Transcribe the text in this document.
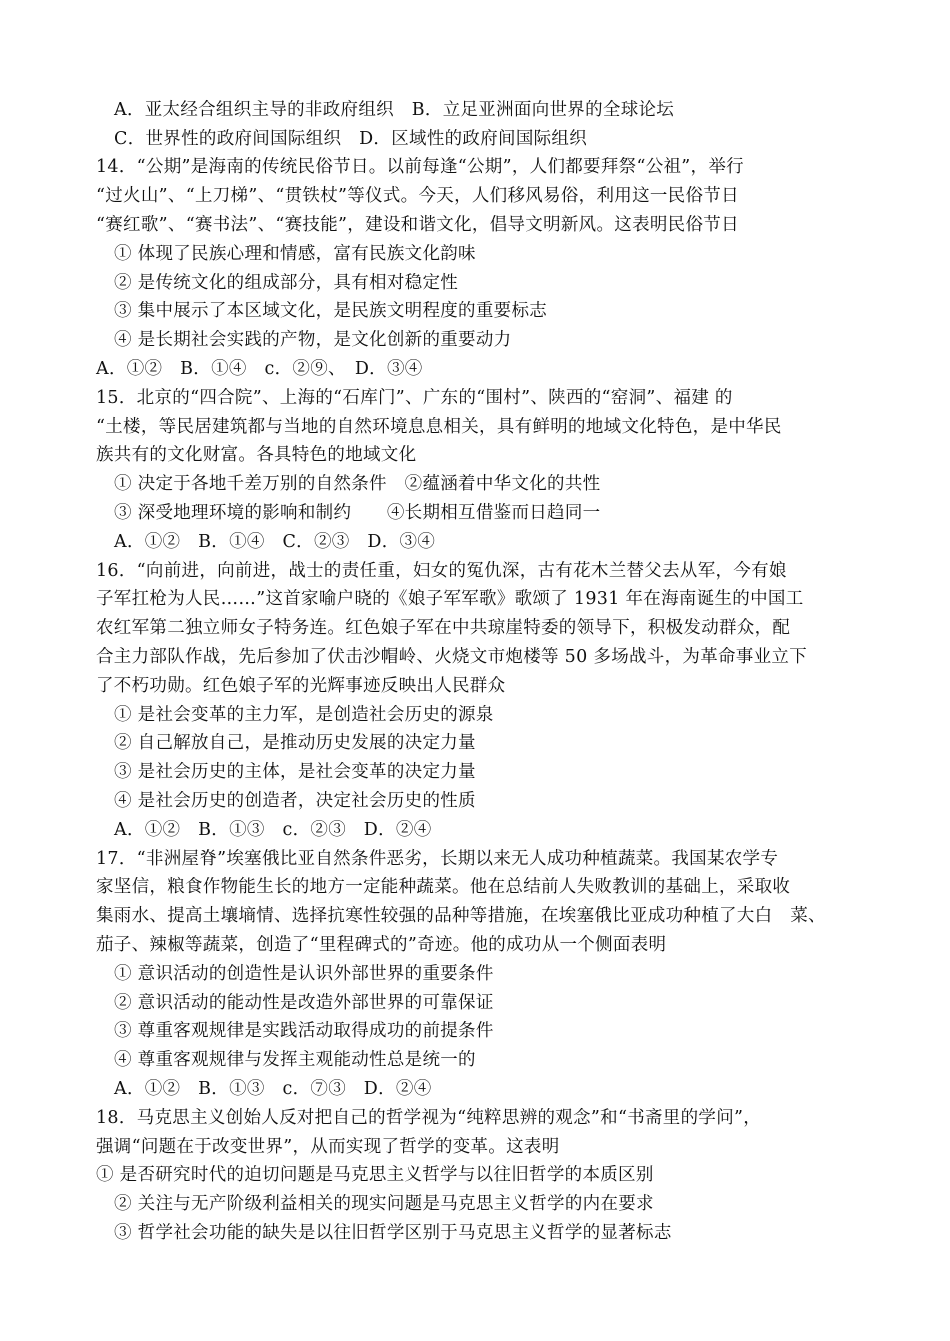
A．亚太经合组织主导的非政府组织　B．立足亚洲面向世界的全球论坛
C．世界性的政府间国际组织　D．区域性的政府间国际组织
14．“公期”是海南的传统民俗节日。以前每逢“公期”，人们都要拜祭“公祖”，举行
“过火山”、“上刀梯”、“贯铁杖”等仪式。今天，人们移风易俗，利用这一民俗节日
“赛红歌”、“赛书法”、“赛技能”，建设和谐文化，倡导文明新风。这表明民俗节日
① 体现了民族心理和情感，富有民族文化韵味
② 是传统文化的组成部分，具有相对稳定性
③ 集中展示了本区域文化，是民族文明程度的重要标志
④ 是长期社会实践的产物，是文化创新的重要动力
A．①②　B．①④　c．②⑨、　D．③④
15．北京的“四合院”、上海的“石库门”、广东的“围村”、陕西的“窑洞”、福建 的
“土楼，等民居建筑都与当地的自然环境息息相关，具有鲜明的地域文化特色，是中华民
族共有的文化财富。各具特色的地域文化
① 决定于各地千差万别的自然条件　②蕴涵着中华文化的共性
③ 深受地理环境的影响和制约　　④长期相互借鉴而日趋同一
A．①②　B．①④　C．②③　D．③④
16．“向前进，向前进，战士的责任重，妇女的冤仇深，古有花木兰替父去从军，今有娘
子军扛枪为人民……”这首家喻户晓的《娘子军军歌》歌颂了 1931 年在海南诞生的中国工
农红军第二独立师女子特务连。红色娘子军在中共琼崖特委的领导下，积极发动群众，配
合主力部队作战，先后参加了伏击沙帽岭、火烧文市炮楼等 50 多场战斗，为革命事业立下
了不朽功勋。红色娘子军的光辉事迹反映出人民群众
① 是社会变革的主力军，是创造社会历史的源泉
② 自己解放自己，是推动历史发展的决定力量
③ 是社会历史的主体，是社会变革的决定力量
④ 是社会历史的创造者，决定社会历史的性质
A．①②　B．①③　c．②③　D．②④
17．“非洲屋脊”埃塞俄比亚自然条件恶劣，长期以来无人成功种植蔬菜。我国某农学专
家坚信，粮食作物能生长的地方一定能种蔬菜。他在总结前人失败教训的基础上，采取收
集雨水、提高土壤墒情、选择抗寒性较强的品种等措施，在埃塞俄比亚成功种植了大白　菜、
茄子、辣椒等蔬菜，创造了“里程碑式的”奇迹。他的成功从一个侧面表明
① 意识活动的创造性是认识外部世界的重要条件
② 意识活动的能动性是改造外部世界的可靠保证
③ 尊重客观规律是实践活动取得成功的前提条件
④ 尊重客观规律与发挥主观能动性总是统一的
A．①②　B．①③　c．⑦③　D．②④
18．马克思主义创始人反对把自己的哲学视为“纯粹思辨的观念”和“书斋里的学问”，
强调“问题在于改变世界”，从而实现了哲学的变革。这表明
① 是否研究时代的迫切问题是马克思主义哲学与以往旧哲学的本质区别
② 关注与无产阶级利益相关的现实问题是马克思主义哲学的内在要求
③ 哲学社会功能的缺失是以往旧哲学区别于马克思主义哲学的显著标志
